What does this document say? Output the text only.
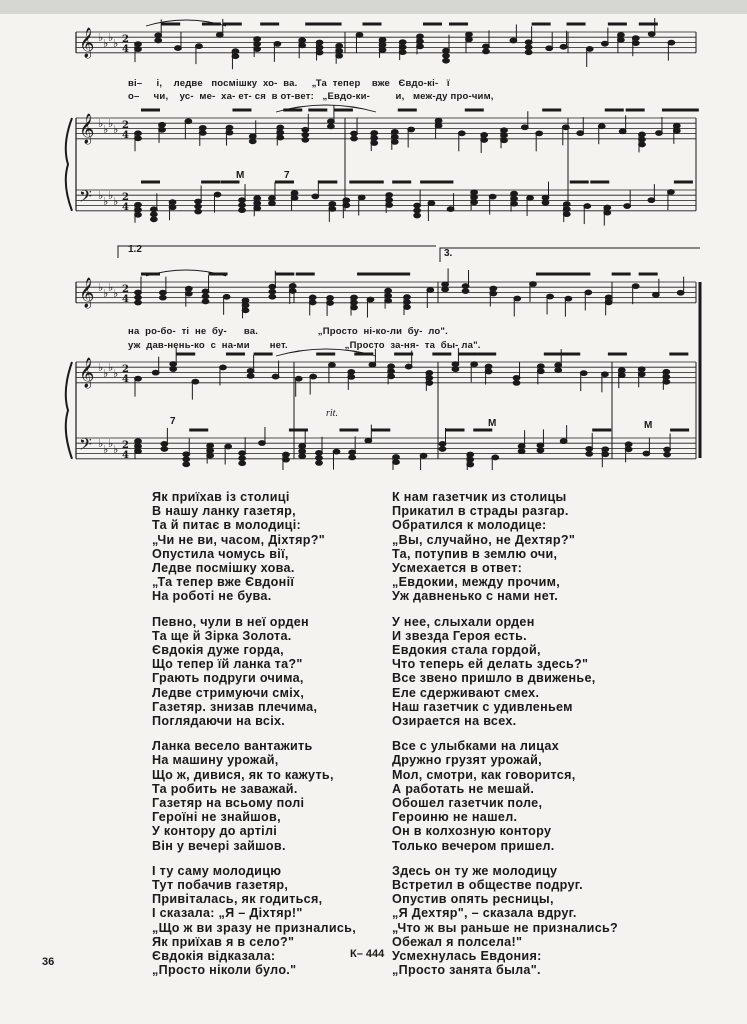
𝄞 ♭ ♭ ♭ ♭ 2
4
𝄞 ♭ ♭ ♭ ♭ 2
4
𝄢 ♭ ♭ ♭ ♭ 2
4
𝄞 ♭ ♭ ♭ ♭ 2
4
𝄞 ♭ ♭ ♭ ♭ 2
4
𝄢 ♭ ♭ ♭ ♭ 2
4
ві–     і,    ледве   посмішку  хо-  ва.     „Та  тепер    вже   Євдо-кі-   ї
о–     чи,    ус-  ме-  ха- ет- ся  в от-вет:   „Евдо-ки-         и,   меж-ду про-чим,
на  ро-бо-  ті  не  бу-      ва.                     „Просто  ні-ко-ли  бу-  ло".
уж  дав-нень-ко  с  на-ми       нет.                    „Просто  за-ня-  та  бы- ла".
M	7
7	M	M
rit.
1.2	3.
Як приїхав із столиці
В нашу ланку газетяр,
Та й питає в молодиці:
„Чи не ви, часом, Діхтяр?"
Опустила чомусь вії,
Ледве посмішку хова.
„Та тепер вже Євдонії
На роботі не бува.
Певно, чули в неї орден
Та ще й Зірка Золота.
Євдокія дуже горда,
Що тепер їй ланка та?"
Грають подруги очима,
Ледве стримуючи сміх,
Газетяр. знизав плечима,
Поглядаючи на всіх.
Ланка весело вантажить
На машину урожай,
Що ж, дивися, як то кажуть,
Та робить не заважай.
Газетяр на всьому полі
Героїні не знайшов,
У контору до артілі
Він у вечері зайшов.
І ту саму молодицю
Тут побачив газетяр,
Привіталась, як годиться,
І сказала: „Я – Діхтяр!"
„Що ж ви зразу не признались,
Як приїхав я в село?"
Євдокія відказала:
„Просто ніколи було."
К нам газетчик из столицы
Прикатил в страды разгар.
Обратился к молодице:
„Вы, случайно, не Дехтяр?"
Та, потупив в землю очи,
Усмехается в ответ:
„Евдокии, между прочим,
Уж давненько с нами нет.
У нее, слыхали орден
И звезда Героя есть.
Евдокия стала гордой,
Что теперь ей делать здесь?"
Все звено пришло в движенье,
Еле сдерживают смех.
Наш газетчик с удивленьем
Озирается на всех.
Все с улыбками на лицах
Дружно грузят урожай,
Мол, смотри, как говорится,
А работать не мешай.
Обошел газетчик поле,
Героиню не нашел.
Он в колхозную контору
Только вечером пришел.
Здесь он ту же молодицу
Встретил в обществе подруг.
Опустив опять ресницы,
„Я Дехтяр", – сказала вдруг.
„Что ж вы раньше не признались?
Обежал я полсела!"
Усмехнулась Евдония:
„Просто занята была".
36
К– 444
